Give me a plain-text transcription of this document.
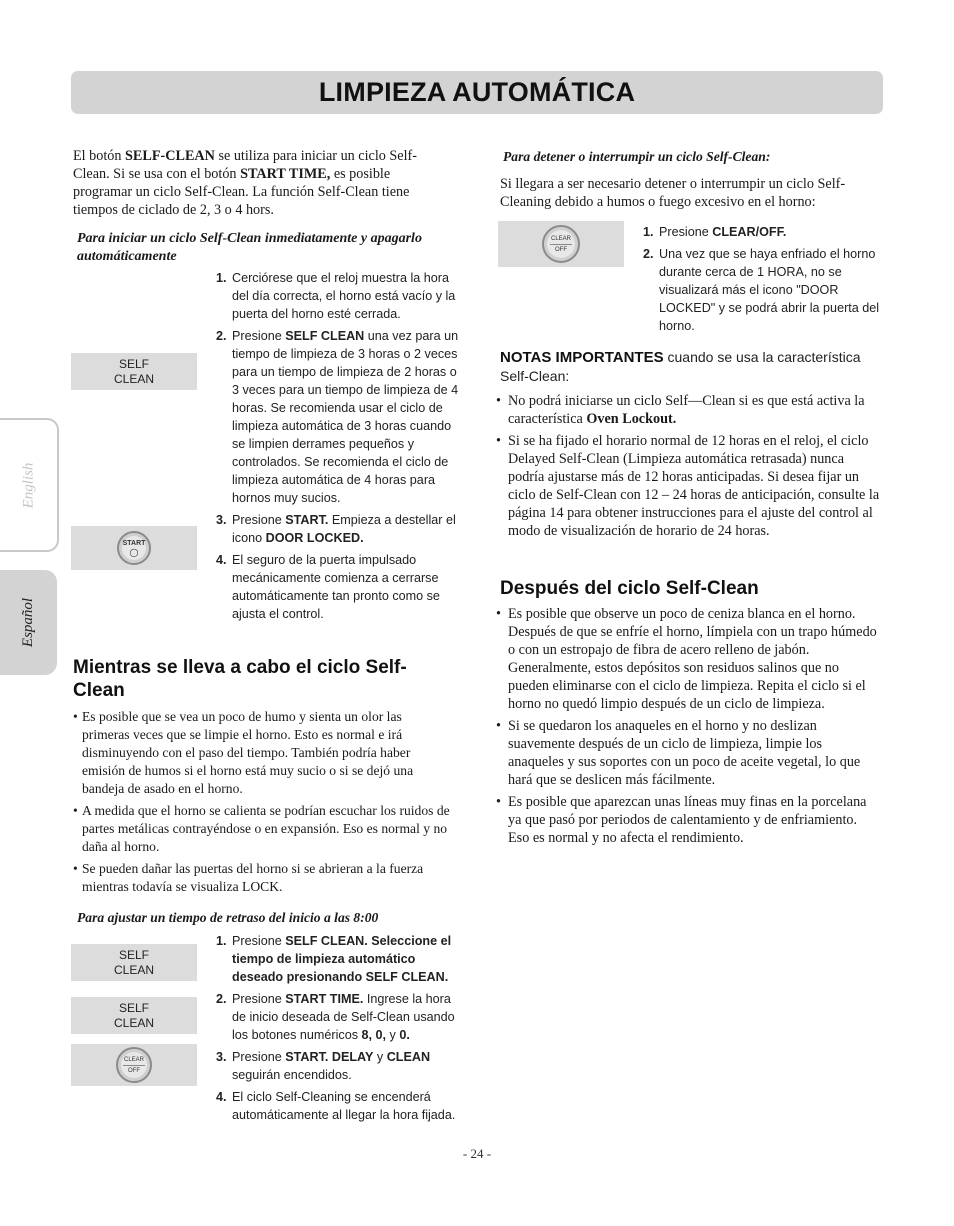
LIMPIEZA AUTOMÁTICA
English
Español
El botón SELF-CLEAN se utiliza para iniciar un ciclo Self-Clean. Si se usa con el botón START TIME, es posible programar un ciclo Self-Clean. La función Self-Clean tiene tiempos de ciclado de 2, 3 o 4 hors.
Para iniciar un ciclo Self-Clean inmediatamente y apagarlo automáticamente
SELF
CLEAN
START
◯
1. Cerciórese que el reloj muestra la hora del día correcta, el horno está vacío y la puerta del horno esté cerrada.
2. Presione SELF CLEAN una vez para un tiempo de limpieza de 3 horas o 2 veces para un tiempo de limpieza de 2 horas o 3 veces para un tiempo de limpieza de 4 horas. Se recomienda usar el ciclo de limpieza automática de 3 horas cuando se limpien derrames pequeños y controlados. Se recomienda el ciclo de limpieza automática de 4 horas para hornos muy sucios.
3. Presione START. Empieza a destellar el icono DOOR LOCKED.
4. El seguro de la puerta impulsado mecánicamente comienza a cerrarse automáticamente tan pronto como se ajusta el control.
Mientras se lleva a cabo el ciclo Self-Clean
• Es posible que se vea un poco de humo y sienta un olor las primeras veces que se limpie el horno. Esto es normal e irá disminuyendo con el paso del tiempo. También podría haber emisión de humos si el horno está muy sucio o si se dejó una bandeja de asado en el horno.
• A medida que el horno se calienta se podrían escuchar los ruidos de partes metálicas contrayéndose o en expansión. Eso es normal y no daña al horno.
• Se pueden dañar las puertas del horno si se abrieran a la fuerza mientras todavía se visualiza LOCK.
Para ajustar un tiempo de retraso del inicio a las 8:00
SELF
CLEAN
SELF
CLEAN
CLEAR
OFF
1. Presione SELF CLEAN. Seleccione el tiempo de limpieza automático deseado presionando SELF CLEAN.
2. Presione START TIME. Ingrese la hora de inicio deseada de Self-Clean usando los botones numéricos 8, 0, y 0.
3. Presione START. DELAY y CLEAN seguirán encendidos.
4. El ciclo Self-Cleaning se encenderá automáticamente al llegar la hora fijada.
Para detener o interrumpir un ciclo Self-Clean:
Si llegara a ser necesario detener o interrumpir un ciclo Self-Cleaning debido a humos o fuego excesivo en el horno:
CLEAR
OFF
1. Presione CLEAR/OFF.
2. Una vez que se haya enfriado el horno durante cerca de 1 HORA, no se visualizará más el icono "DOOR LOCKED" y se podrá abrir la puerta del horno.
NOTAS IMPORTANTES cuando se usa la característica Self-Clean:
• No podrá iniciarse un ciclo Self—Clean si es que está activa la característica Oven Lockout.
• Si se ha fijado el horario normal de 12 horas en el reloj, el ciclo Delayed Self-Clean (Limpieza automática retrasada) nunca podría ajustarse más de 12 horas anticipadas. Si desea fijar un ciclo de Self-Clean con 12 – 24 horas de anticipación, consulte la página 14 para obtener instrucciones para el ajuste del control al modo de visualización de horario de 24 horas.
Después del ciclo Self-Clean
• Es posible que observe un poco de ceniza blanca en el horno. Después de que se enfríe el horno, límpiela con un trapo húmedo o con un estropajo de fibra de acero relleno de jabón. Generalmente, estos depósitos son residuos salinos que no pueden eliminarse con el ciclo de limpieza. Repita el ciclo si el horno no quedó limpio después de un ciclo de limpieza.
• Si se quedaron los anaqueles en el horno y no deslizan suavemente después de un ciclo de limpieza, limpie los anaqueles y sus soportes con un poco de aceite vegetal, lo que hará que se deslicen más fácilmente.
• Es posible que aparezcan unas líneas muy finas en la porcelana ya que pasó por periodos de calentamiento y de enfriamiento. Eso es normal y no afecta el rendimiento.
- 24 -
